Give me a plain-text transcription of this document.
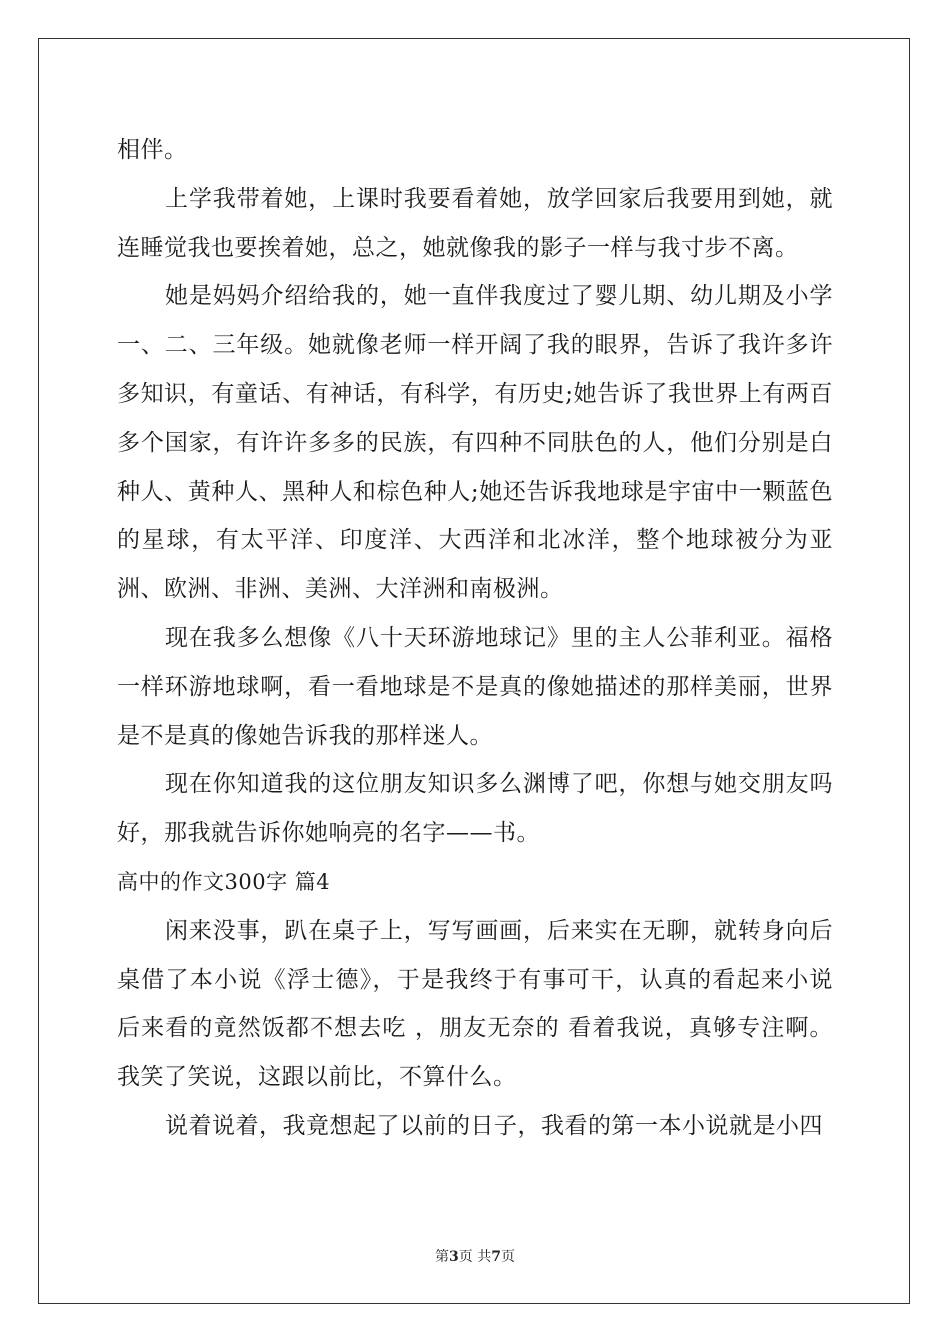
相伴。

上学我带着她，上课时我要看着她，放学回家后我要用到她，就连睡觉我也要挨着她，总之，她就像我的影子一样与我寸步不离。

她是妈妈介绍给我的，她一直伴我度过了婴儿期、幼儿期及小学一、二、三年级。她就像老师一样开阔了我的眼界，告诉了我许多许多知识，有童话、有神话，有科学，有历史;她告诉了我世界上有两百多个国家，有许许多多的民族，有四种不同肤色的人，他们分别是白种人、黄种人、黑种人和棕色种人;她还告诉我地球是宇宙中一颗蓝色的星球，有太平洋、印度洋、大西洋和北冰洋，整个地球被分为亚洲、欧洲、非洲、美洲、大洋洲和南极洲。

现在我多么想像《八十天环游地球记》里的主人公菲利亚。福格一样环游地球啊，看一看地球是不是真的像她描述的那样美丽，世界是不是真的像她告诉我的那样迷人。

现在你知道我的这位朋友知识多么渊博了吧，你想与她交朋友吗好，那我就告诉你她响亮的名字——书。

高中的作文300字 篇4

闲来没事，趴在桌子上，写写画画，后来实在无聊，就转身向后桌借了本小说《浮士德》，于是我终于有事可干，认真的看起来小说后来看的竟然饭都不想去吃 ，朋友无奈的 看着我说，真够专注啊。我笑了笑说，这跟以前比，不算什么。

说着说着，我竟想起了以前的日子，我看的第一本小说就是小四

第3页 共7页
